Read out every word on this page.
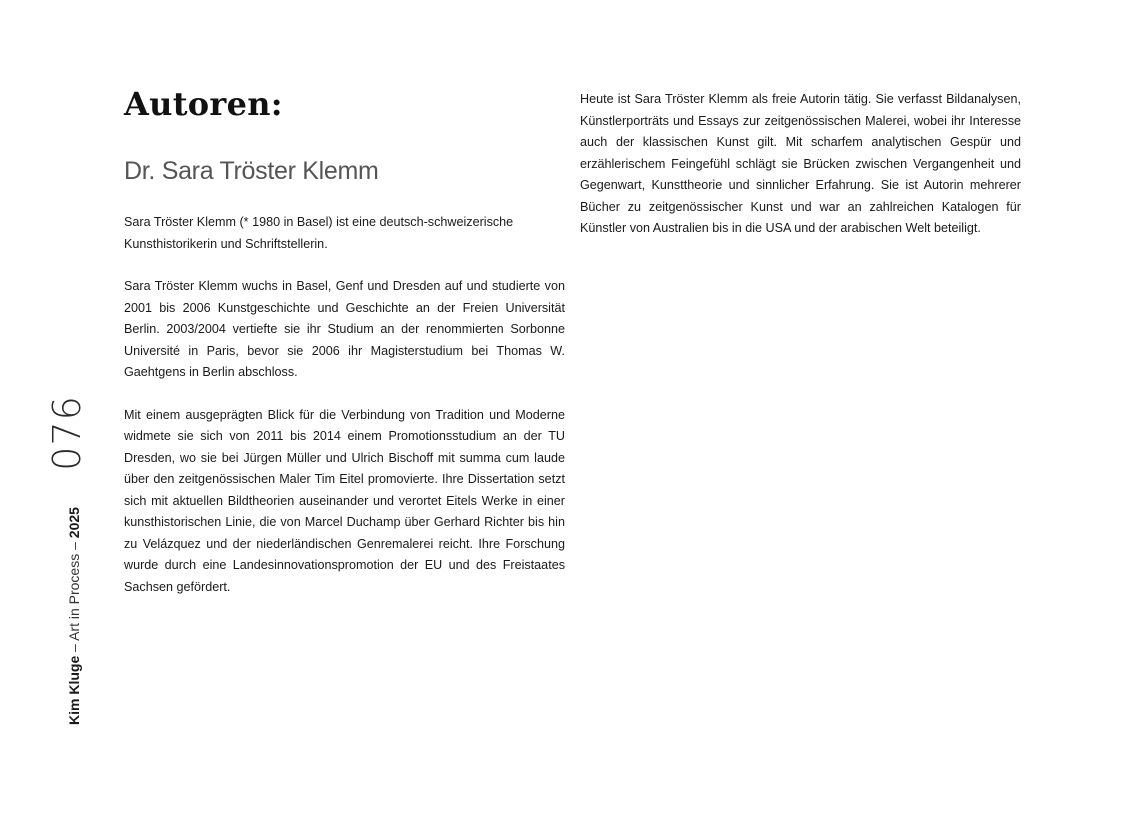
076
Kim Kluge – Art in Process – 2025
Autoren:
Dr. Sara Tröster Klemm

Sara Tröster Klemm (* 1980 in Basel) ist eine deutsch-schweizerische Kunsthistorikerin und Schriftstellerin.

Sara Tröster Klemm wuchs in Basel, Genf und Dresden auf und studierte von 2001 bis 2006 Kunstgeschichte und Geschichte an der Freien Universität Berlin. 2003/2004 vertiefte sie ihr Studium an der renommierten Sorbonne Université in Paris, bevor sie 2006 ihr Magisterstudium bei Thomas W. Gaehtgens in Berlin abschloss.

Mit einem ausgeprägten Blick für die Verbindung von Tradition und Moderne widmete sie sich von 2011 bis 2014 einem Promotionsstudium an der TU Dresden, wo sie bei Jürgen Müller und Ulrich Bischoff mit summa cum laude über den zeitgenössischen Maler Tim Eitel promovierte. Ihre Dissertation setzt sich mit aktuellen Bildtheorien auseinander und verortet Eitels Werke in einer kunsthistorischen Linie, die von Marcel Duchamp über Gerhard Richter bis hin zu Velázquez und der niederländischen Genremalerei reicht. Ihre Forschung wurde durch eine Landesinnovationspromotion der EU und des Freistaates Sachsen gefördert.

Heute ist Sara Tröster Klemm als freie Autorin tätig. Sie verfasst Bildanalysen, Künstlerporträts und Essays zur zeitgenössischen Malerei, wobei ihr Interesse auch der klassischen Kunst gilt. Mit scharfem analytischen Gespür und erzählerischem Feingefühl schlägt sie Brücken zwischen Vergangenheit und Gegenwart, Kunsttheorie und sinnlicher Erfahrung. Sie ist Autorin mehrerer Bücher zu zeitgenössischer Kunst und war an zahlreichen Katalogen für Künstler von Australien bis in die USA und der arabischen Welt beteiligt.
